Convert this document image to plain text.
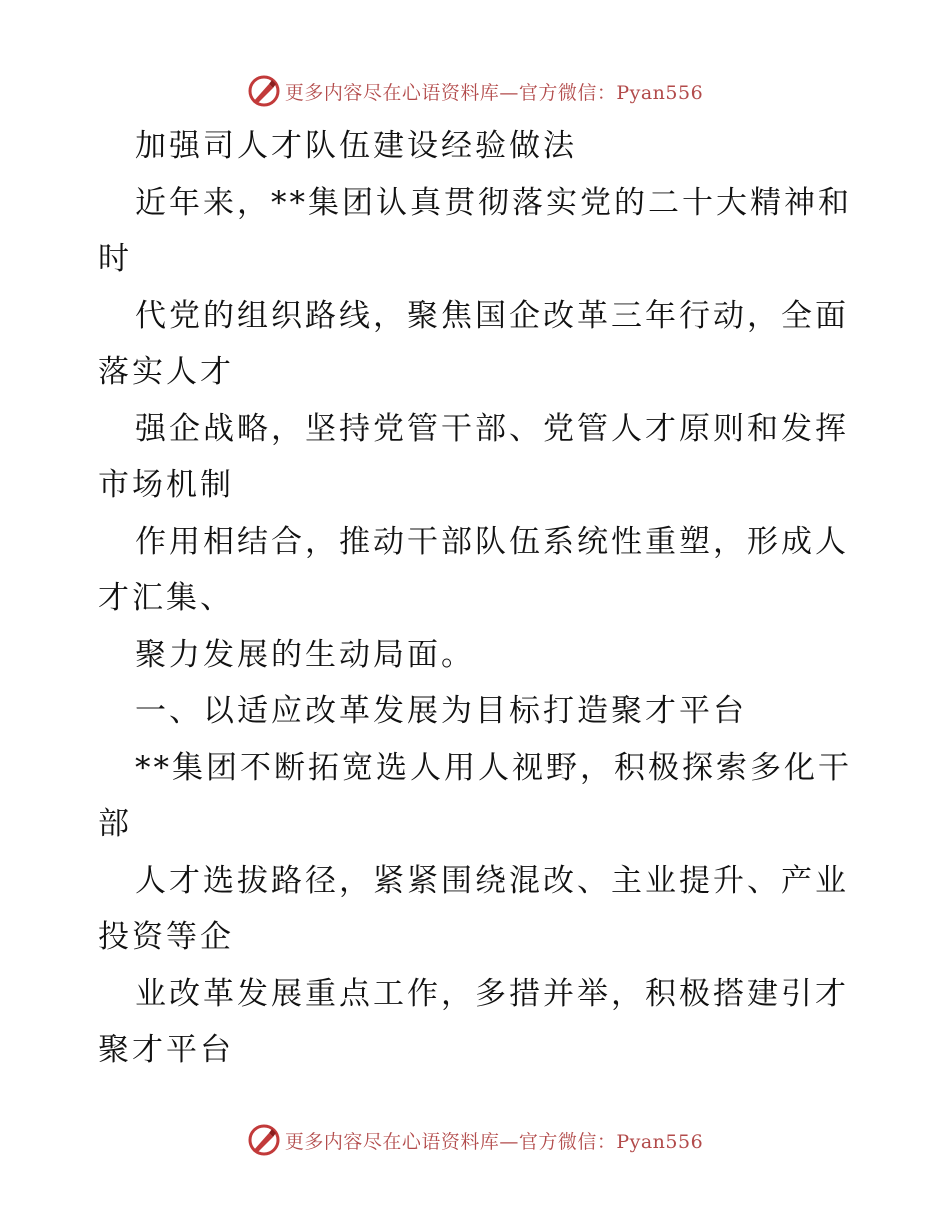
更多内容尽在心语资料库—官方微信：Pyan556
加强司人才队伍建设经验做法
近年来，**集团认真贯彻落实党的二十大精神和
时
代党的组织路线，聚焦国企改革三年行动，全面
落实人才
强企战略，坚持党管干部、党管人才原则和发挥
市场机制
作用相结合，推动干部队伍系统性重塑，形成人
才汇集、
聚力发展的生动局面。
一、以适应改革发展为目标打造聚才平台
**集团不断拓宽选人用人视野，积极探索多化干
部
人才选拔路径，紧紧围绕混改、主业提升、产业
投资等企
业改革发展重点工作，多措并举，积极搭建引才
聚才平台
更多内容尽在心语资料库—官方微信：Pyan556
